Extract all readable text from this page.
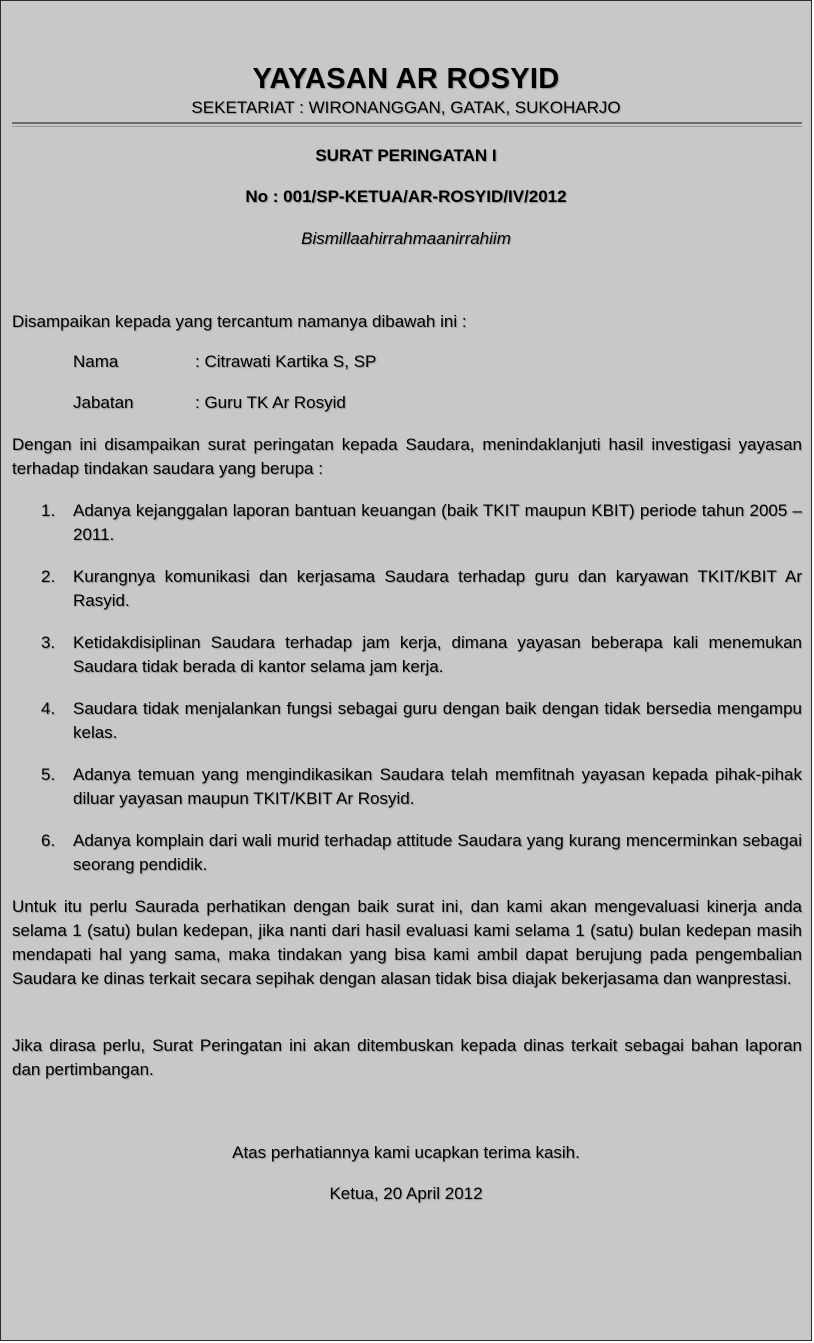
YAYASAN AR ROSYID
SEKETARIAT : WIRONANGGAN, GATAK, SUKOHARJO
SURAT PERINGATAN I
No : 001/SP-KETUA/AR-ROSYID/IV/2012
Bismillaahirrahmaanirrahiim
Disampaikan kepada yang tercantum namanya dibawah ini :
Nama	: Citrawati Kartika S, SP
Jabatan	: Guru TK Ar Rosyid
Dengan ini disampaikan surat peringatan kepada Saudara, menindaklanjuti hasil investigasi yayasan terhadap tindakan saudara yang berupa :
1.	Adanya kejanggalan laporan bantuan keuangan (baik TKIT maupun KBIT) periode tahun 2005 – 2011.
2.	Kurangnya komunikasi dan kerjasama Saudara terhadap guru dan karyawan TKIT/KBIT Ar Rasyid.
3.	Ketidakdisiplinan Saudara terhadap jam kerja, dimana yayasan beberapa kali menemukan Saudara tidak berada di kantor selama jam kerja.
4.	Saudara tidak menjalankan fungsi sebagai guru dengan baik dengan tidak bersedia mengampu kelas.
5.	Adanya temuan yang mengindikasikan Saudara telah memfitnah yayasan kepada pihak-pihak diluar yayasan maupun TKIT/KBIT Ar Rosyid.
6.	Adanya komplain dari wali murid terhadap attitude Saudara yang kurang mencerminkan sebagai seorang pendidik.
Untuk itu perlu Saurada perhatikan dengan baik surat ini, dan kami akan mengevaluasi kinerja anda selama 1 (satu) bulan kedepan, jika nanti dari hasil evaluasi kami selama 1 (satu) bulan kedepan masih mendapati hal yang sama, maka tindakan yang bisa kami ambil dapat berujung pada pengembalian Saudara ke dinas terkait secara sepihak dengan alasan tidak bisa diajak bekerjasama dan wanprestasi.
Jika dirasa perlu, Surat Peringatan ini akan ditembuskan kepada dinas terkait sebagai bahan laporan dan pertimbangan.
Atas perhatiannya kami ucapkan terima kasih.
Ketua, 20 April 2012
